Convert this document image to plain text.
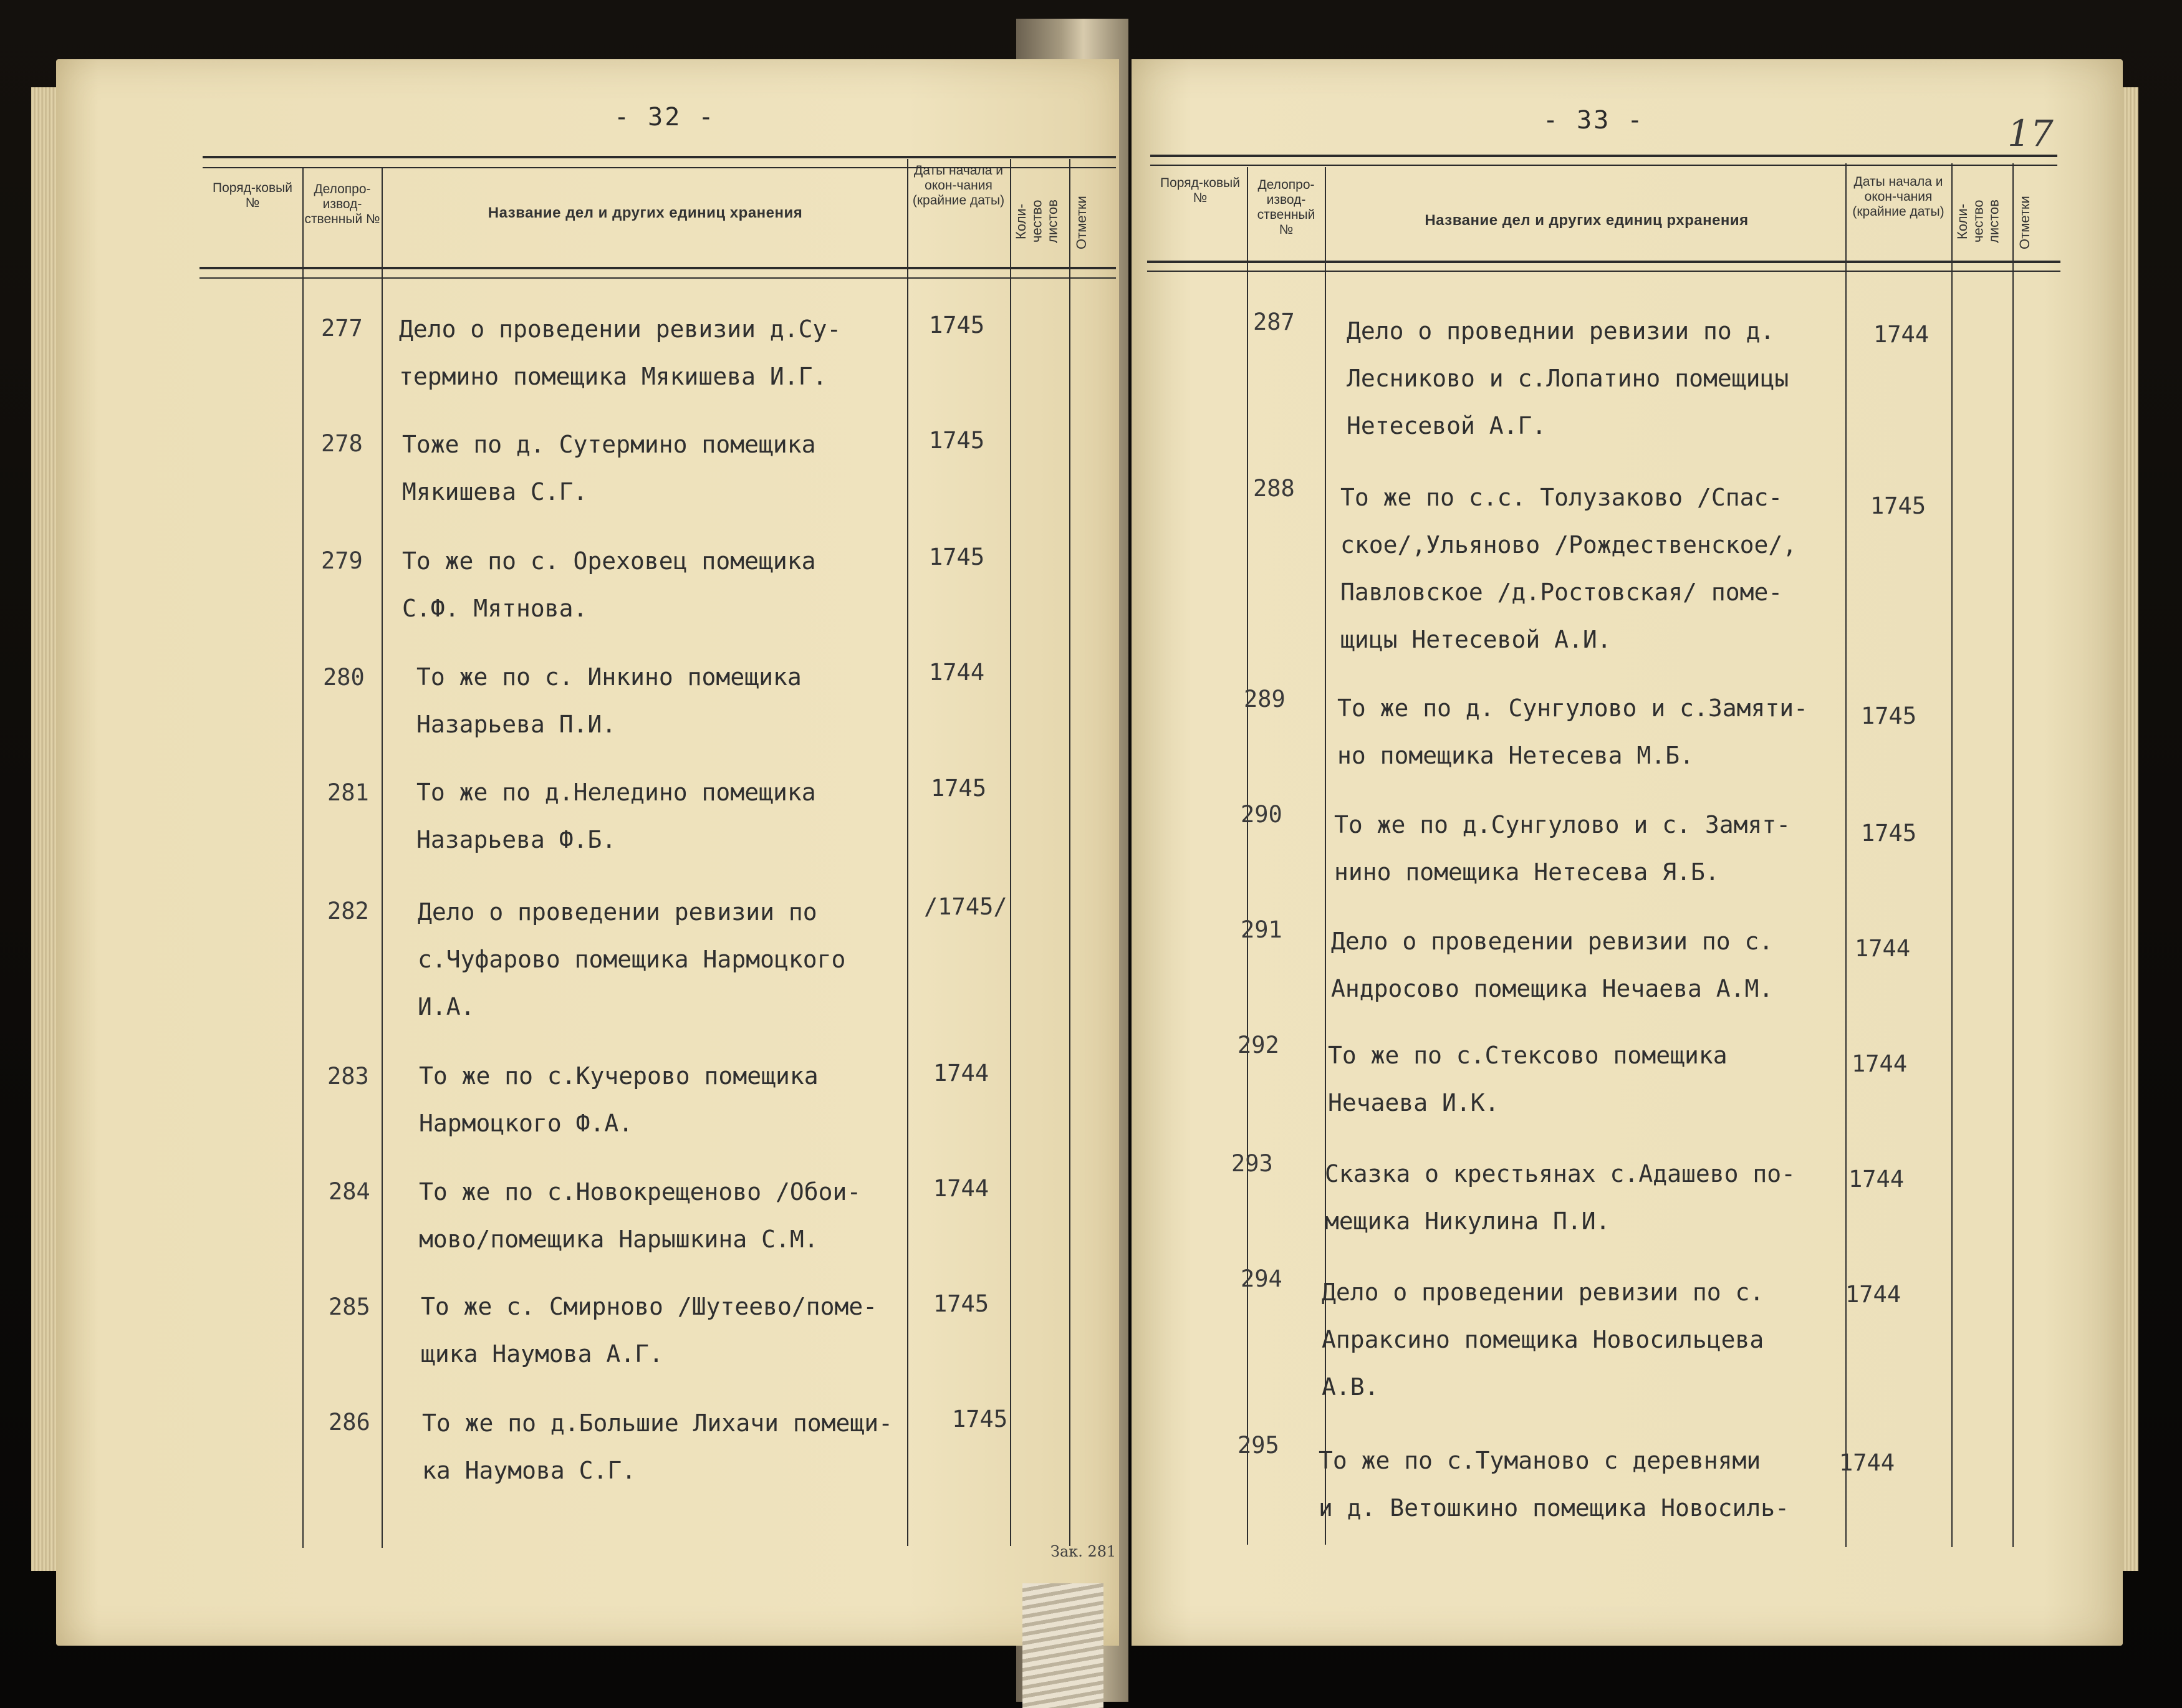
- 32 -
Поряд-ковый №
Делопро-извод-ственный №	Название дел и других единиц хранения
Даты начала и окон-чания (крайние даты)
Коли-чество листов Отметки
277 Дело о проведении ревизии д.Су-
термино помещика Мякишева И.Г.
1745
278 Тоже по д. Сутермино помещика
Мякишева С.Г.
1745
279 То же по с. Ореховец помещика
С.Ф. Мятнова.
1745
280 То же по с. Инкино помещика
Назарьева П.И.
1744
281 То же по д.Неледино помещика
Назарьева Ф.Б.
1745
282 Дело о проведении ревизии по
с.Чуфарово помещика Нармоцкого
И.А.
/1745/
283 То же по с.Кучерово помещика
Нармоцкого Ф.А.
1744
284 То же по с.Новокрещеново /Обои-
мово/помещика Нарышкина С.М.
1744
285 То же с. Смирново /Шутеево/поме-
щика Наумова А.Г.
1745
286 То же по д.Большие Лихачи помещи-
ка Наумова С.Г.
1745
Зак. 281
- 33 -	17
Поряд-ковый №
Делопро-извод-ственный №
Название дел и других единиц рхранения
Даты начала и окон-чания (крайние даты) Коли-чество листов	Отметки
287 Дело о проведнии ревизии по д.
Лесниково и с.Лопатино помещицы
Нетесевой А.Г.
1744
288 То же по с.с. Толузаково /Спас-
ское/,Ульяново /Рождественское/,
Павловское /д.Ростовская/ поме-
щицы Нетесевой А.И.
1745
289 То же по д. Сунгулово и с.Замяти-
но помещика Нетесева М.Б.
1745
290 То же по д.Сунгулово и с. Замят-
нино помещика Нетесева Я.Б.
1745
291 Дело о проведении ревизии по с.
Андросово помещика Нечаева А.М.
1744
292 То же по с.Стексово помещика
Нечаева И.К.
1744
293 Сказка о крестьянах с.Адашево по-
мещика Никулина П.И.
1744
294 Дело о проведении ревизии по с.
Апраксино помещика Новосильцева
А.В.
1744
295
То же по с.Туманово с деревнями
и д. Ветошкино помещика Новосиль-
1744
